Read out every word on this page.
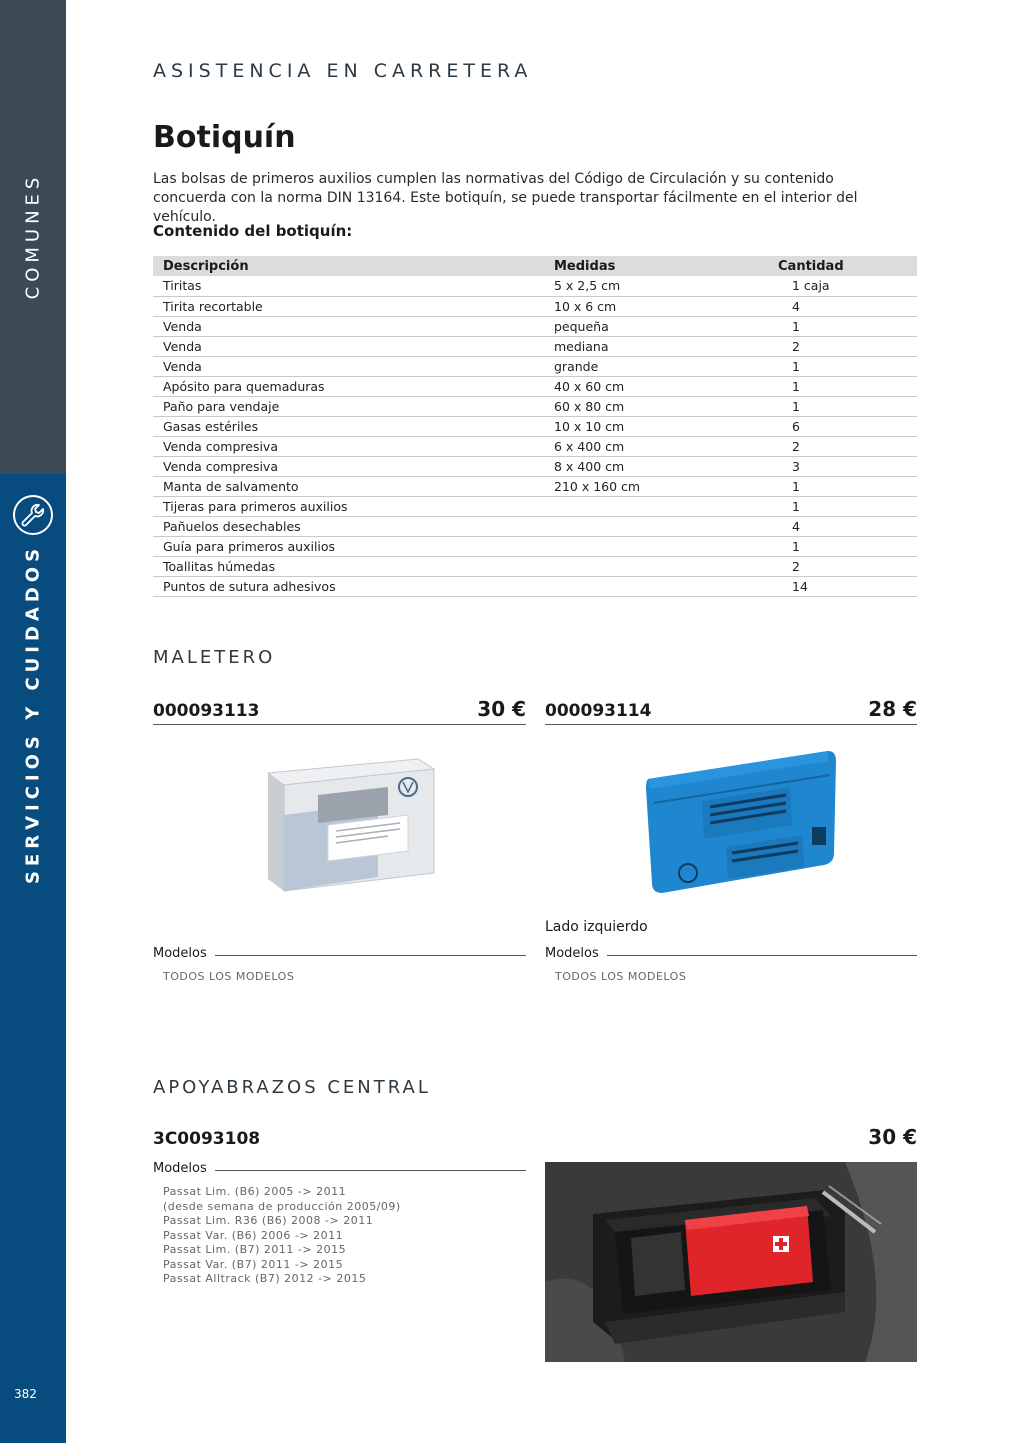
COMUNES
SERVICIOS Y CUIDADOS
382
ASISTENCIA EN CARRETERA
Botiquín
Las bolsas de primeros auxilios cumplen las normativas del Código de Circulación y su contenido concuerda con la norma DIN 13164. Este botiquín, se puede transportar fácilmente en el interior del vehículo.
Contenido del botiquín:
Descripción	Medidas	Cantidad
Tiritas	5 x 2,5 cm	1 caja
Tirita recortable	10 x 6 cm	4
Venda	pequeña	1
Venda	mediana	2
Venda	grande	1
Apósito para quemaduras	40 x 60 cm	1
Paño para vendaje	60 x 80 cm	1
Gasas estériles	10 x 10 cm	6
Venda compresiva	6 x 400 cm	2
Venda compresiva	8 x 400 cm	3
Manta de salvamento	210 x 160 cm	1
Tijeras para primeros auxilios		1
Pañuelos desechables		4
Guía para primeros auxilios		1
Toallitas húmedas		2
Puntos de sutura adhesivos		14
MALETERO
000093113	30 € 000093114	28 €
Lado izquierdo
Modelos
TODOS LOS MODELOS
Modelos
TODOS LOS MODELOS
APOYABRAZOS CENTRAL
3C0093108	30 €
Modelos
Passat Lim. (B6) 2005 -> 2011
(desde semana de producción 2005/09)
Passat Lim. R36 (B6) 2008 -> 2011
Passat Var. (B6) 2006 -> 2011
Passat Lim. (B7) 2011 -> 2015
Passat Var. (B7) 2011 -> 2015
Passat Alltrack (B7) 2012 -> 2015
